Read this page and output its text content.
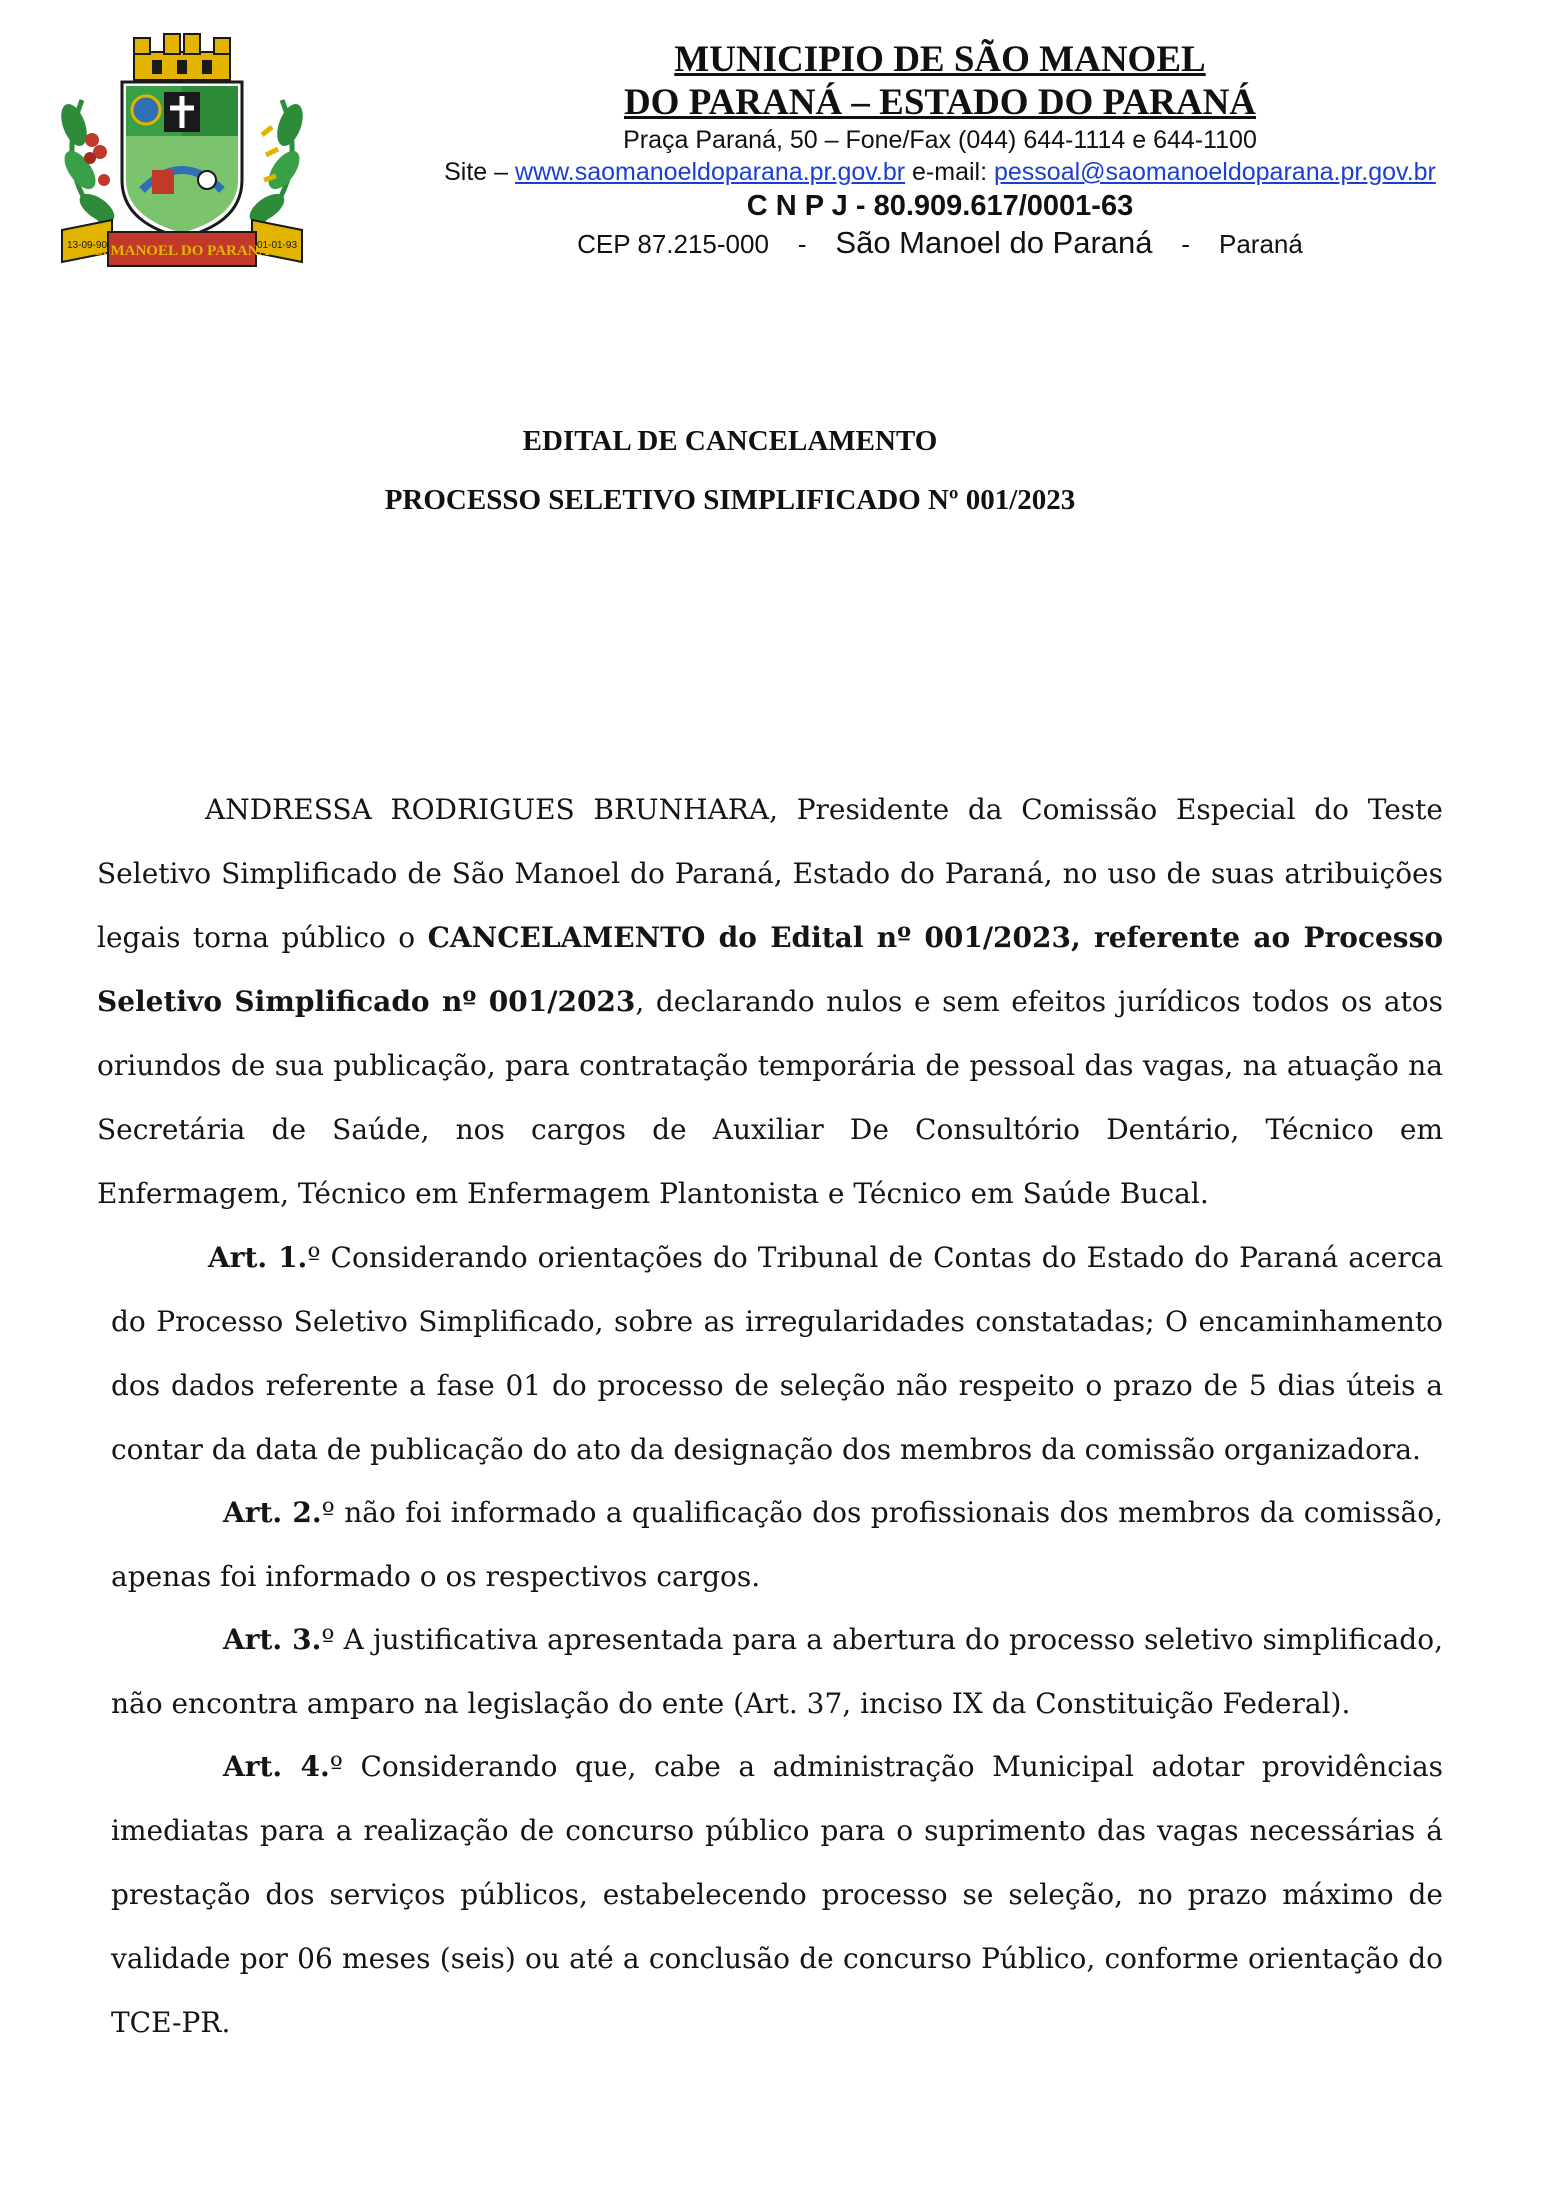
S. MANOEL DO PARANÁ
13-09-90	01-01-93
MUNICIPIO DE SÃO MANOEL
DO PARANÁ – ESTADO DO PARANÁ
Praça Paraná, 50 – Fone/Fax (044) 644-1114 e 644-1100
Site – www.saomanoeldoparana.pr.gov.br e-mail: pessoal@saomanoeldoparana.pr.gov.br
C N P J - 80.909.617/0001-63
CEP 87.215-000 - São Manoel do Paraná - Paraná
EDITAL DE CANCELAMENTO
PROCESSO SELETIVO SIMPLIFICADO Nº 001/2023

ANDRESSA RODRIGUES BRUNHARA, Presidente da Comissão Especial do Teste Seletivo Simplificado de São Manoel do Paraná, Estado do Paraná, no uso de suas atribuições legais torna público o CANCELAMENTO do Edital nº 001/2023, referente ao Processo Seletivo Simplificado nº 001/2023, declarando nulos e sem efeitos jurídicos todos os atos oriundos de sua publicação, para contratação temporária de pessoal das vagas, na atuação na Secretária de Saúde, nos cargos de Auxiliar De Consultório Dentário, Técnico em Enfermagem, Técnico em Enfermagem Plantonista e Técnico em Saúde Bucal.

Art. 1.º Considerando orientações do Tribunal de Contas do Estado do Paraná acerca do Processo Seletivo Simplificado, sobre as irregularidades constatadas; O encaminhamento dos dados referente a fase 01 do processo de seleção não respeito o prazo de 5 dias úteis a contar da data de publicação do ato da designação dos membros da comissão organizadora.

Art. 2.º não foi informado a qualificação dos profissionais dos membros da comissão, apenas foi informado o os respectivos cargos.

Art. 3.º A justificativa apresentada para a abertura do processo seletivo simplificado, não encontra amparo na legislação do ente (Art. 37, inciso IX da Constituição Federal).

Art. 4.º Considerando que, cabe a administração Municipal adotar providências imediatas para a realização de concurso público para o suprimento das vagas necessárias á prestação dos serviços públicos, estabelecendo processo se seleção, no prazo máximo de validade por 06 meses (seis) ou até a conclusão de concurso Público, conforme orientação do TCE-PR.
